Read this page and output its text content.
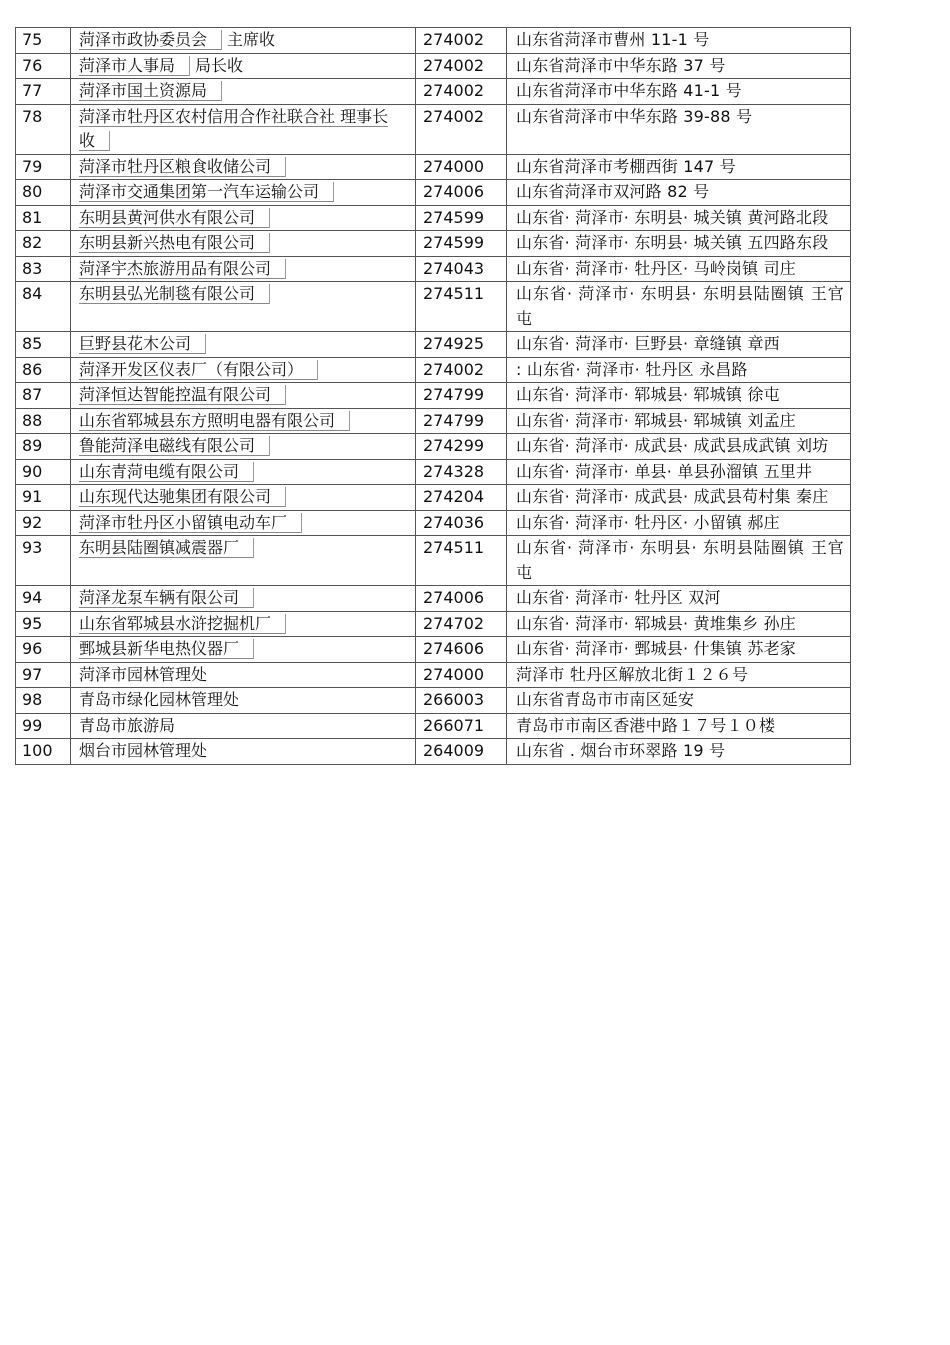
75	菏泽市政协委员会 主席收	274002	山东省菏泽市曹州 11-1 号
76	菏泽市人事局 局长收	274002	山东省菏泽市中华东路 37 号
77	菏泽市国土资源局	274002	山东省菏泽市中华东路 41-1 号
78	菏泽市牡丹区农村信用合作社联合社 理事长收	274002	山东省菏泽市中华东路 39-88 号
79	菏泽市牡丹区粮食收储公司	274000	山东省菏泽市考棚西街 147 号
80	菏泽市交通集团第一汽车运输公司	274006	山东省菏泽市双河路 82 号
81	东明县黄河供水有限公司	274599	山东省· 菏泽市· 东明县· 城关镇 黄河路北段
82	东明县新兴热电有限公司	274599	山东省· 菏泽市· 东明县· 城关镇 五四路东段
83	菏泽宇杰旅游用品有限公司	274043	山东省· 菏泽市· 牡丹区· 马岭岗镇 司庄
84	东明县弘光制毯有限公司	274511	山东省· 菏泽市· 东明县· 东明县陆圈镇 王官屯
85	巨野县花木公司	274925	山东省· 菏泽市· 巨野县· 章缝镇 章西
86	菏泽开发区仪表厂（有限公司）	274002	: 山东省· 菏泽市· 牡丹区 永昌路
87	菏泽恒达智能控温有限公司	274799	山东省· 菏泽市· 郓城县· 郓城镇 徐屯
88	山东省郓城县东方照明电器有限公司	274799	山东省· 菏泽市· 郓城县· 郓城镇 刘孟庄
89	鲁能菏泽电磁线有限公司	274299	山东省· 菏泽市· 成武县· 成武县成武镇 刘坊
90	山东青菏电缆有限公司	274328	山东省· 菏泽市· 单县· 单县孙溜镇 五里井
91	山东现代达驰集团有限公司	274204	山东省· 菏泽市· 成武县· 成武县苟村集 秦庄
92	菏泽市牡丹区小留镇电动车厂	274036	山东省· 菏泽市· 牡丹区· 小留镇 郝庄
93	东明县陆圈镇减震器厂	274511	山东省· 菏泽市· 东明县· 东明县陆圈镇 王官屯
94	菏泽龙泵车辆有限公司	274006	山东省· 菏泽市· 牡丹区 双河
95	山东省郓城县水浒挖掘机厂	274702	山东省· 菏泽市· 郓城县· 黄堆集乡 孙庄
96	鄄城县新华电热仪器厂	274606	山东省· 菏泽市· 鄄城县· 什集镇 苏老家
97	菏泽市园林管理处	274000	菏泽市 牡丹区解放北街１２６号
98	青岛市绿化园林管理处	266003	山东省青岛市市南区延安
99	青岛市旅游局	266071	青岛市市南区香港中路１７号１０楼
100	烟台市园林管理处	264009	山东省 . 烟台市环翠路 19 号
